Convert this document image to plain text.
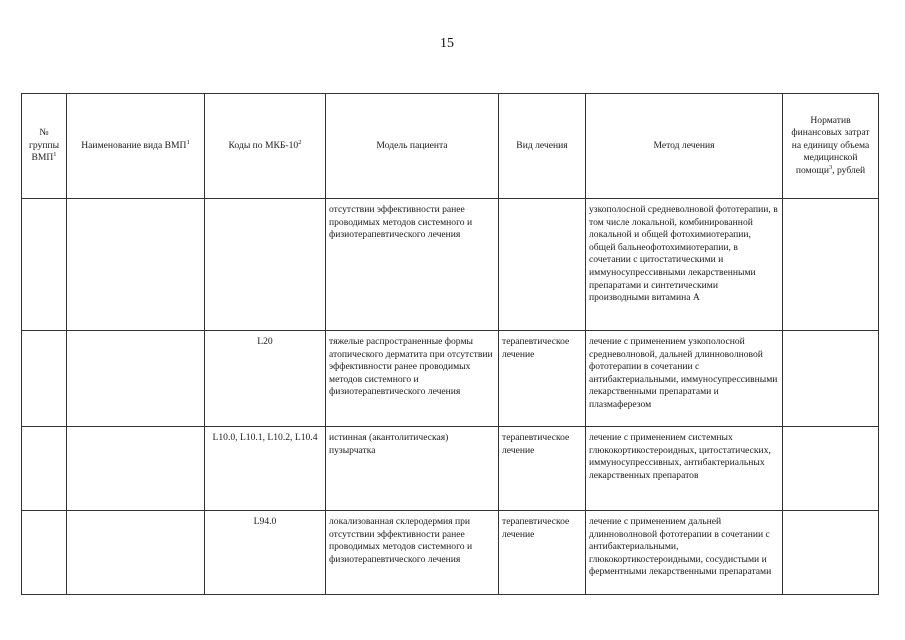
15
№ группы ВМП$^1$	Наименование вида ВМП$^1$	Коды по МКБ-$10^2$	Модель пациента	Вид лечения	Метод лечения	Норматив финансовых затрат на единицу объема медицинской помощи$^3$, рублей

			отсутствии эффективности ранее проводимых методов системного и физиотерапевтического лечения		узкополосной средневолновой фототерапии, в том числе локальной, комбинированной локальной и общей фотохимиотерапии, общей бальнеофотохимиотерапии, в сочетании с цитостатическими и иммуносупрессивными лекарственными препаратами и синтетическими производными витамина А	
		L20	тяжелые распространенные формы атопического дерматита при отсутствии эффективности ранее проводимых методов системного и физиотерапевтического лечения	терапевтическое лечение	лечение с применением узкополосной средневолновой, дальней длинноволновой фототерапии в сочетании с антибактериальными, иммуносупрессивными лекарственными препаратами и плазмаферезом	
		L10.0, L10.1, L10.2, L10.4	истинная (акантолитическая) пузырчатка	терапевтическое лечение	лечение с применением системных глюкокортикостероидных, цитостатических, иммуносупрессивных, антибактериальных лекарственных препаратов	
		L94.0	локализованная склеродермия при отсутствии эффективности ранее проводимых методов системного и физиотерапевтического лечения	терапевтическое лечение	лечение с применением дальней длинноволновой фототерапии в сочетании с антибактериальными, глюкокортикостероидными, сосудистыми и ферментными лекарственными препаратами	
